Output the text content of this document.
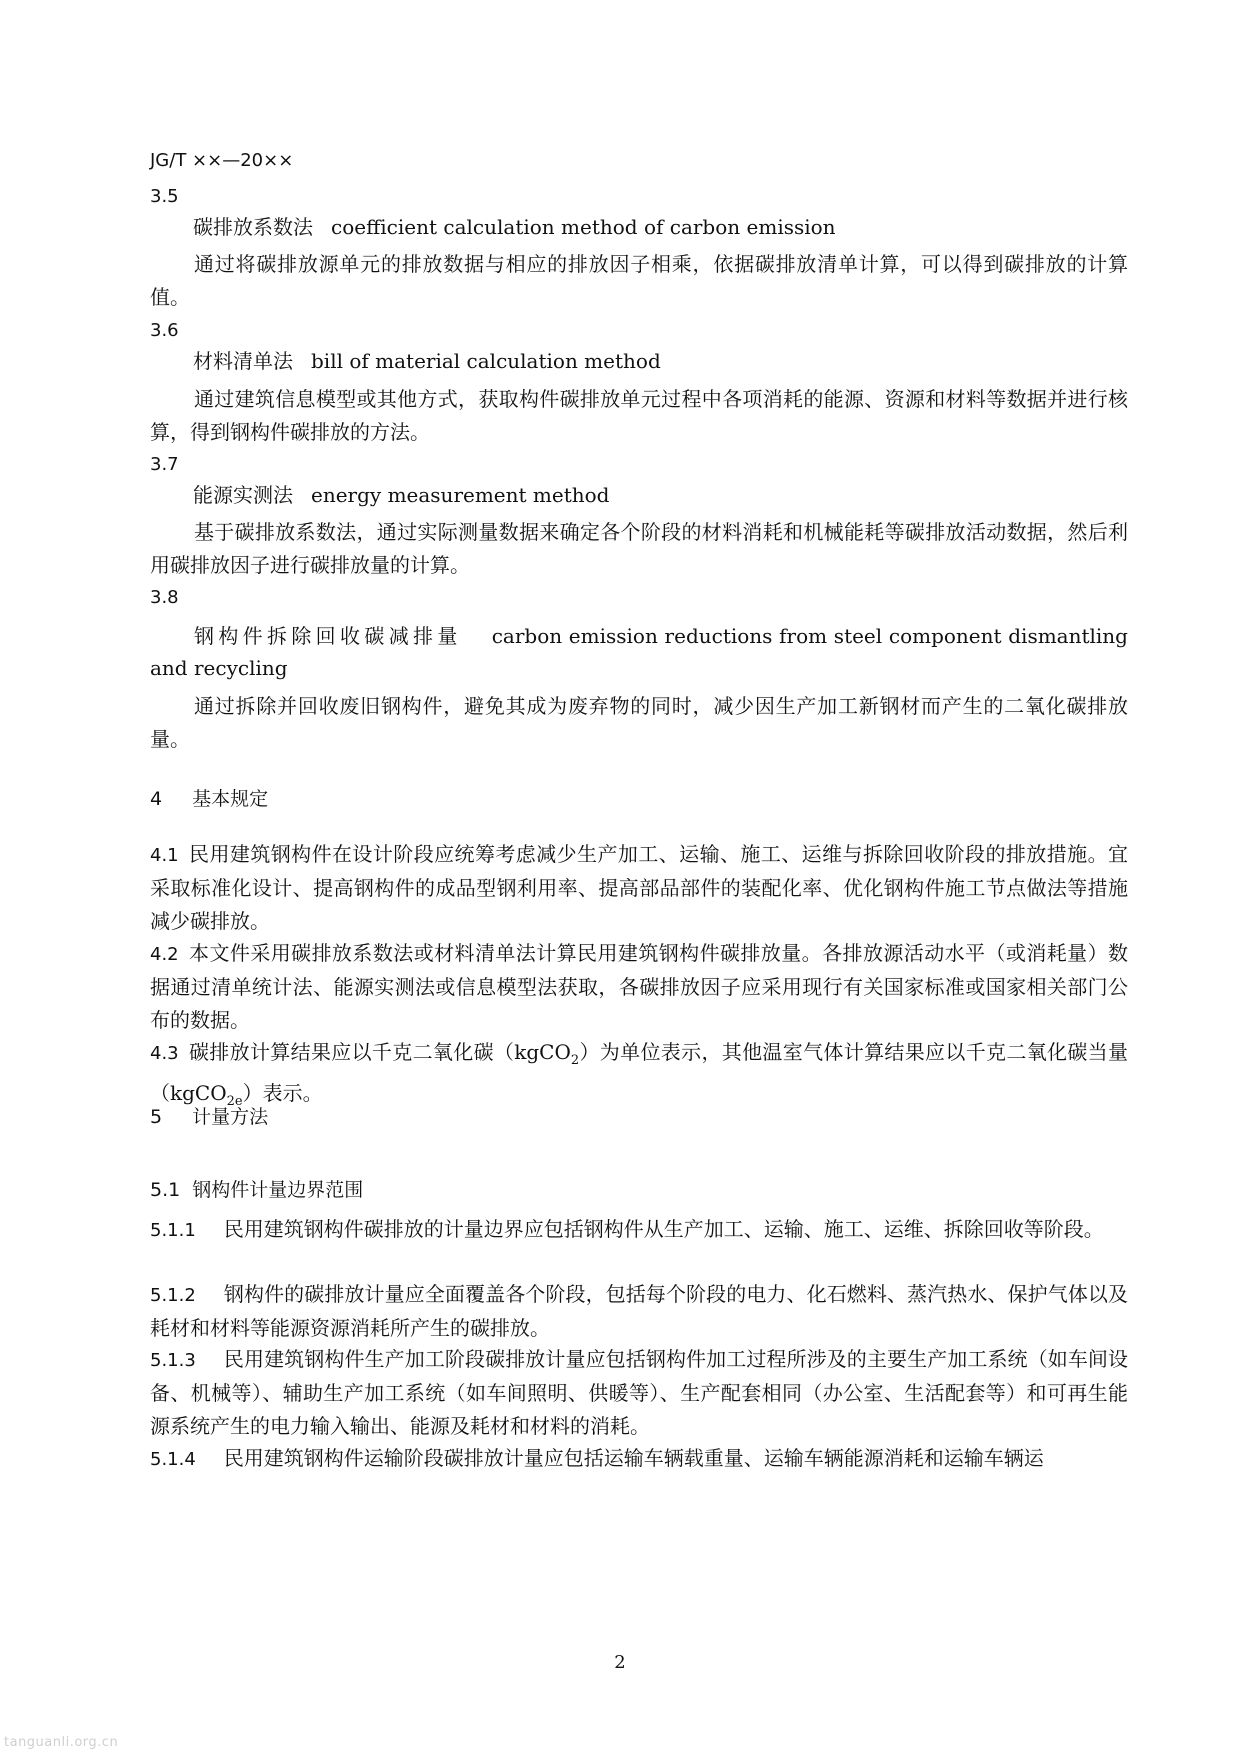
JG/T ××—20××
3.5
碳排放系数法 coefficient calculation method of carbon emission
通过将碳排放源单元的排放数据与相应的排放因子相乘，依据碳排放清单计算，可以得到碳排放的计算值。
3.6
材料清单法 bill of material calculation method
通过建筑信息模型或其他方式，获取构件碳排放单元过程中各项消耗的能源、资源和材料等数据并进行核算，得到钢构件碳排放的方法。
3.7
能源实测法 energy measurement method
基于碳排放系数法，通过实际测量数据来确定各个阶段的材料消耗和机械能耗等碳排放活动数据，然后利用碳排放因子进行碳排放量的计算。
3.8
钢构件拆除回收碳减排量 carbon emission reductions from steel component dismantling and recycling
通过拆除并回收废旧钢构件，避免其成为废弃物的同时，减少因生产加工新钢材而产生的二氧化碳排放量。
4 基本规定
4.1 民用建筑钢构件在设计阶段应统筹考虑减少生产加工、运输、施工、运维与拆除回收阶段的排放措施。宜采取标准化设计、提高钢构件的成品型钢利用率、提高部品部件的装配化率、优化钢构件施工节点做法等措施减少碳排放。
4.2 本文件采用碳排放系数法或材料清单法计算民用建筑钢构件碳排放量。各排放源活动水平（或消耗量）数据通过清单统计法、能源实测法或信息模型法获取，各碳排放因子应采用现行有关国家标准或国家相关部门公布的数据。
4.3 碳排放计算结果应以千克二氧化碳（kgCO$_2$）为单位表示，其他温室气体计算结果应以千克二氧化碳当量（kgCO$_{2e}$）表示。
5 计量方法
5.1 钢构件计量边界范围
5.1.1 民用建筑钢构件碳排放的计量边界应包括钢构件从生产加工、运输、施工、运维、拆除回收等阶段。
5.1.2 钢构件的碳排放计量应全面覆盖各个阶段，包括每个阶段的电力、化石燃料、蒸汽热水、保护气体以及耗材和材料等能源资源消耗所产生的碳排放。
5.1.3 民用建筑钢构件生产加工阶段碳排放计量应包括钢构件加工过程所涉及的主要生产加工系统（如车间设备、机械等）、辅助生产加工系统（如车间照明、供暖等）、生产配套相同（办公室、生活配套等）和可再生能源系统产生的电力输入输出、能源及耗材和材料的消耗。
5.1.4 民用建筑钢构件运输阶段碳排放计量应包括运输车辆载重量、运输车辆能源消耗和运输车辆运
2
tanguanli.org.cn
